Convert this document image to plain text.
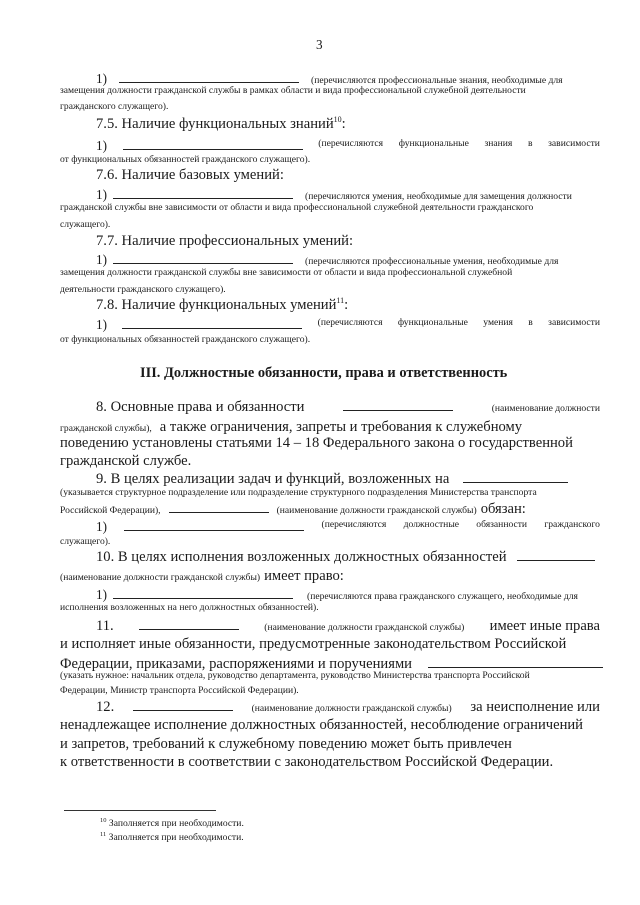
3
1)	(перечисляются профессиональные знания, необходимые для
замещения должности гражданской службы в рамках области и вида профессиональной служебной деятельности
гражданского служащего).
7.5. Наличие функциональных знаний$^{10}$:
1)	(перечисляются функциональные знания в зависимости
от функциональных обязанностей гражданского служащего).
7.6. Наличие базовых умений:
1)	(перечисляются умения, необходимые для замещения должности
гражданской службы вне зависимости от области и вида профессиональной служебной деятельности гражданского
служащего).
7.7. Наличие профессиональных умений:
1)	(перечисляются профессиональные умения, необходимые для
замещения должности гражданской службы вне зависимости от области и вида профессиональной служебной
деятельности гражданского служащего).
7.8. Наличие функциональных умений$^{11}$:
1)	(перечисляются функциональные умения в зависимости
от функциональных обязанностей гражданского служащего).
III. Должностные обязанности, права и ответственность
8. Основные права и обязанности	(наименование должности
гражданской службы), а также ограничения, запреты и требования к служебному
поведению установлены статьями 14 – 18 Федерального закона о государственной
гражданской службе.
9. В целях реализации задач и функций, возложенных на
(указывается структурное подразделение или подразделение структурного подразделения Министерства транспорта
Российской Федерации),	(наименование должности гражданской службы) обязан:
1)	(перечисляются должностные обязанности гражданского
служащего).
10. В целях исполнения возложенных должностных обязанностей
(наименование должности гражданской службы) имеет право:
1)	(перечисляются права гражданского служащего, необходимые для
исполнения возложенных на него должностных обязанностей).
11.	(наименование должности гражданской службы) имеет иные права
и исполняет иные обязанности, предусмотренные законодательством Российской
Федерации, приказами, распоряжениями и поручениями
(указать нужное: начальник отдела, руководство департамента, руководство Министерства транспорта Российской
Федерации, Министр транспорта Российской Федерации).
12.	(наименование должности гражданской службы) за неисполнение или
ненадлежащее исполнение должностных обязанностей, несоблюдение ограничений
и запретов, требований к служебному поведению может быть привлечен
к ответственности в соответствии с законодательством Российской Федерации.
$^{10}$ Заполняется при необходимости.
$^{11}$ Заполняется при необходимости.
